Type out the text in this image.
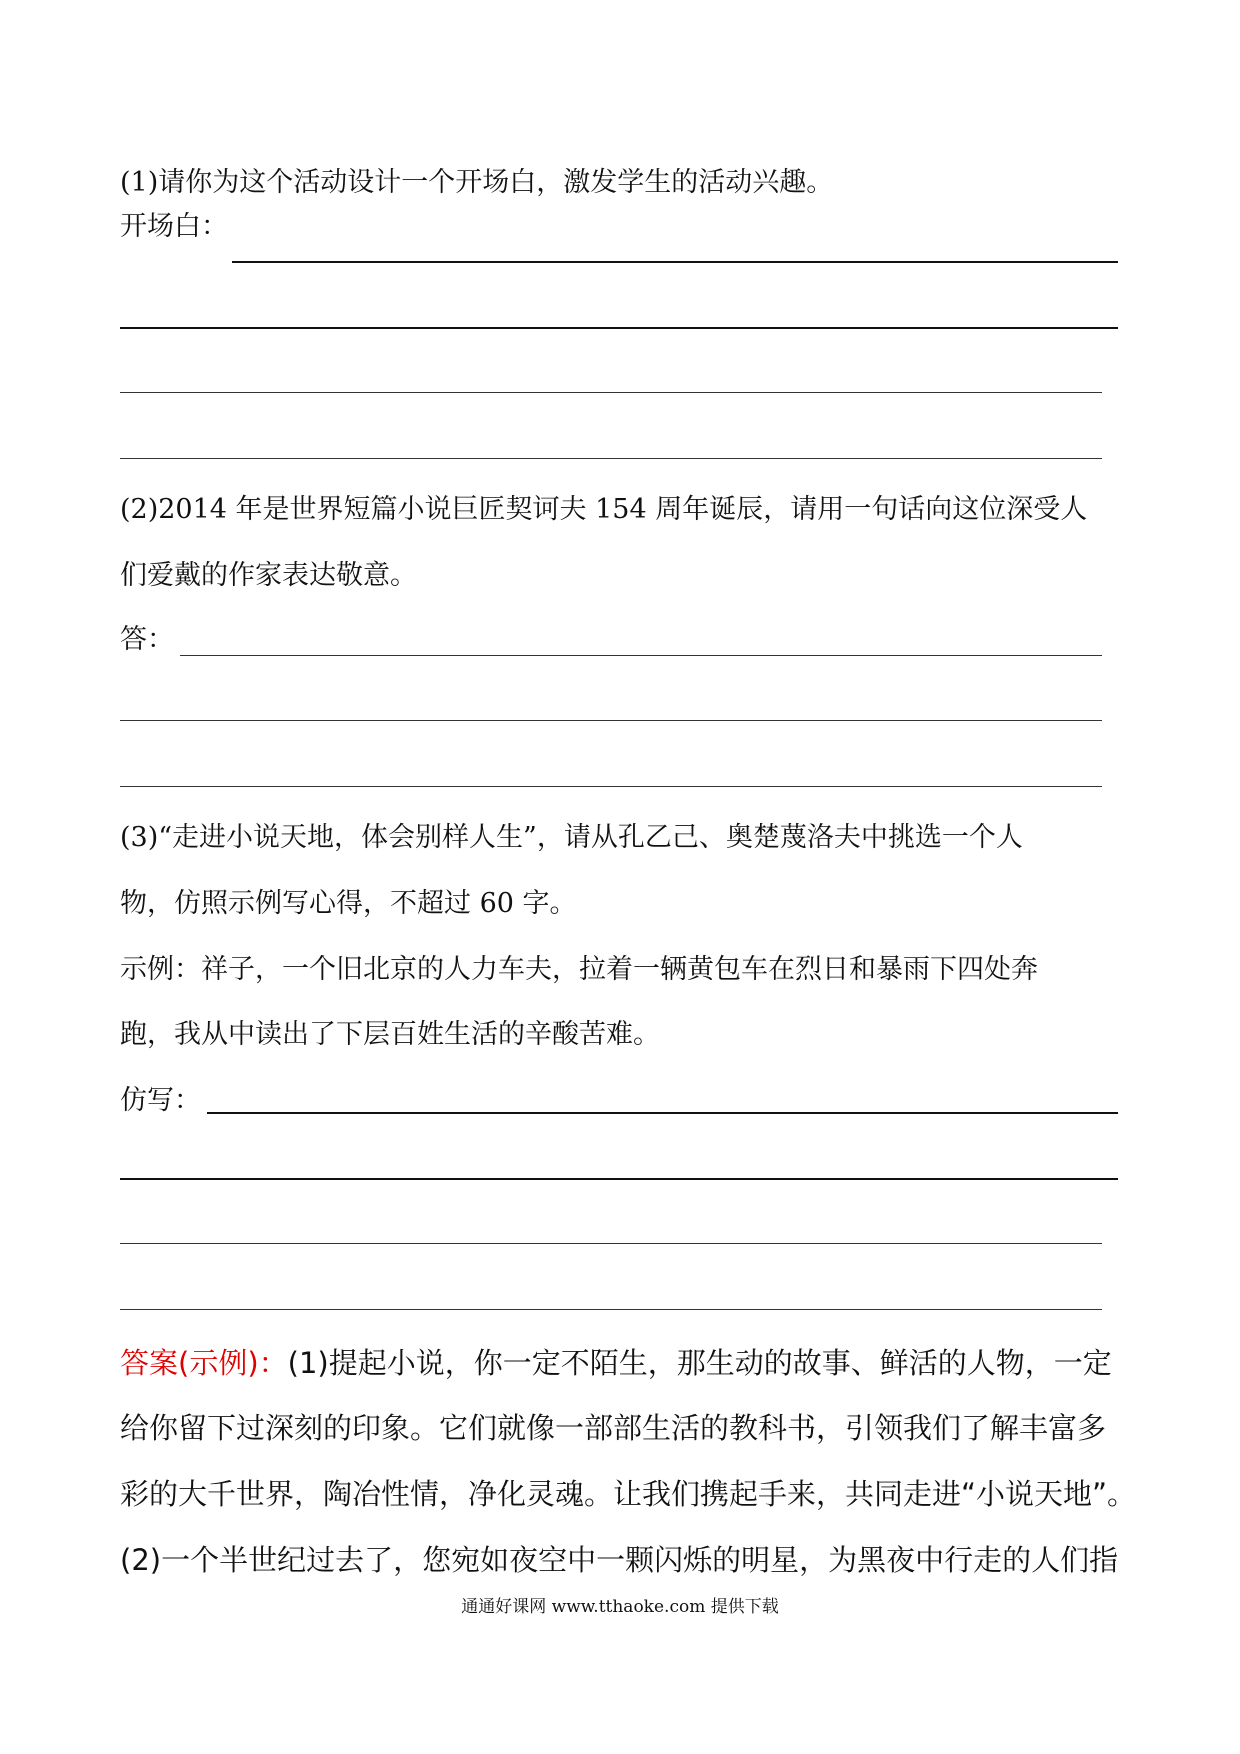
(1)请你为这个活动设计一个开场白，激发学生的活动兴趣。
开场白：
(2)2014 年是世界短篇小说巨匠契诃夫 154 周年诞辰，请用一句话向这位深受人
们爱戴的作家表达敬意。
答：
(3)“走进小说天地，体会别样人生”，请从孔乙己、奥楚蔑洛夫中挑选一个人
物，仿照示例写心得，不超过 60 字。
示例：祥子，一个旧北京的人力车夫，拉着一辆黄包车在烈日和暴雨下四处奔
跑，我从中读出了下层百姓生活的辛酸苦难。
仿写：
答案(示例)：(1)提起小说，你一定不陌生，那生动的故事、鲜活的人物，一定
给你留下过深刻的印象。它们就像一部部生活的教科书，引领我们了解丰富多
彩的大千世界，陶冶性情，净化灵魂。让我们携起手来，共同走进“小说天地”。
(2)一个半世纪过去了，您宛如夜空中一颗闪烁的明星，为黑夜中行走的人们指
通通好课网 www.tthaoke.com 提供下载
